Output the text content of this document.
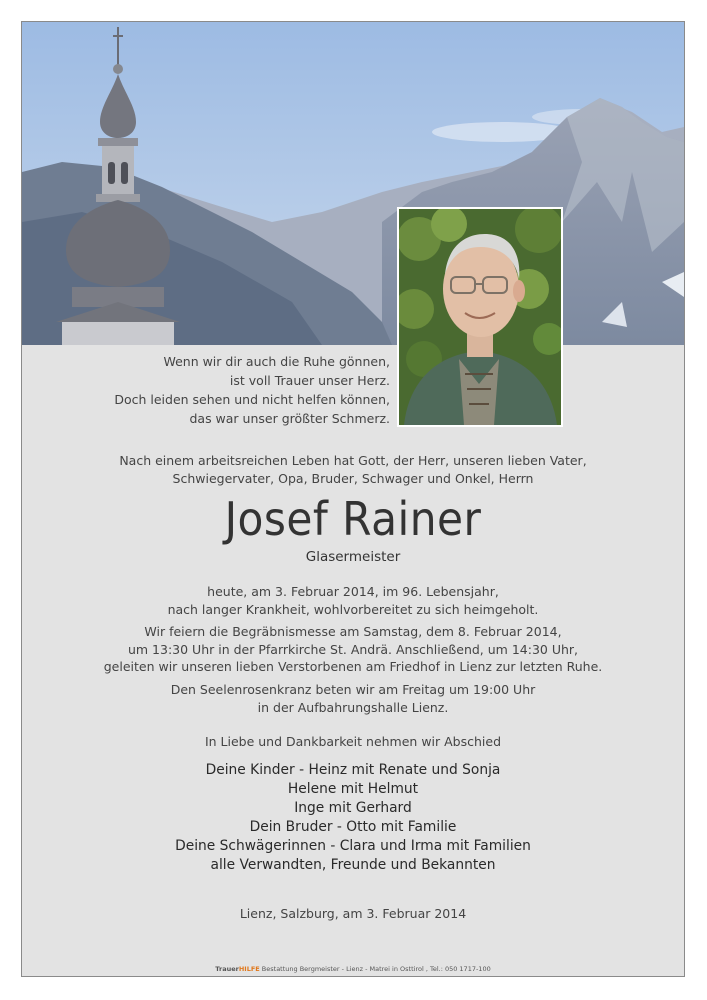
Wenn wir dir auch die Ruhe gönnen,
ist voll Trauer unser Herz.
Doch leiden sehen und nicht helfen können,
das war unser größter Schmerz.
Nach einem arbeitsreichen Leben hat Gott, der Herr, unseren lieben Vater,
Schwiegervater, Opa, Bruder, Schwager und Onkel, Herrn
Josef Rainer
Glasermeister
heute, am 3. Februar 2014, im 96. Lebensjahr,
nach langer Krankheit, wohlvorbereitet zu sich heimgeholt.
Wir feiern die Begräbnismesse am Samstag, dem 8. Februar 2014,
um 13:30 Uhr in der Pfarrkirche St. Andrä. Anschließend, um 14:30 Uhr,
geleiten wir unseren lieben Verstorbenen am Friedhof in Lienz zur letzten Ruhe.
Den Seelenrosenkranz beten wir am Freitag um 19:00 Uhr
in der Aufbahrungshalle Lienz.
In Liebe und Dankbarkeit nehmen wir Abschied
Deine Kinder - Heinz mit Renate und Sonja
Helene mit Helmut
Inge mit Gerhard
Dein Bruder - Otto mit Familie
Deine Schwägerinnen - Clara und Irma mit Familien
alle Verwandten, Freunde und Bekannten
Lienz, Salzburg, am 3. Februar 2014
TrauerHILFE Bestattung Bergmeister - Lienz - Matrei in Osttirol , Tel.: 050 1717-100
